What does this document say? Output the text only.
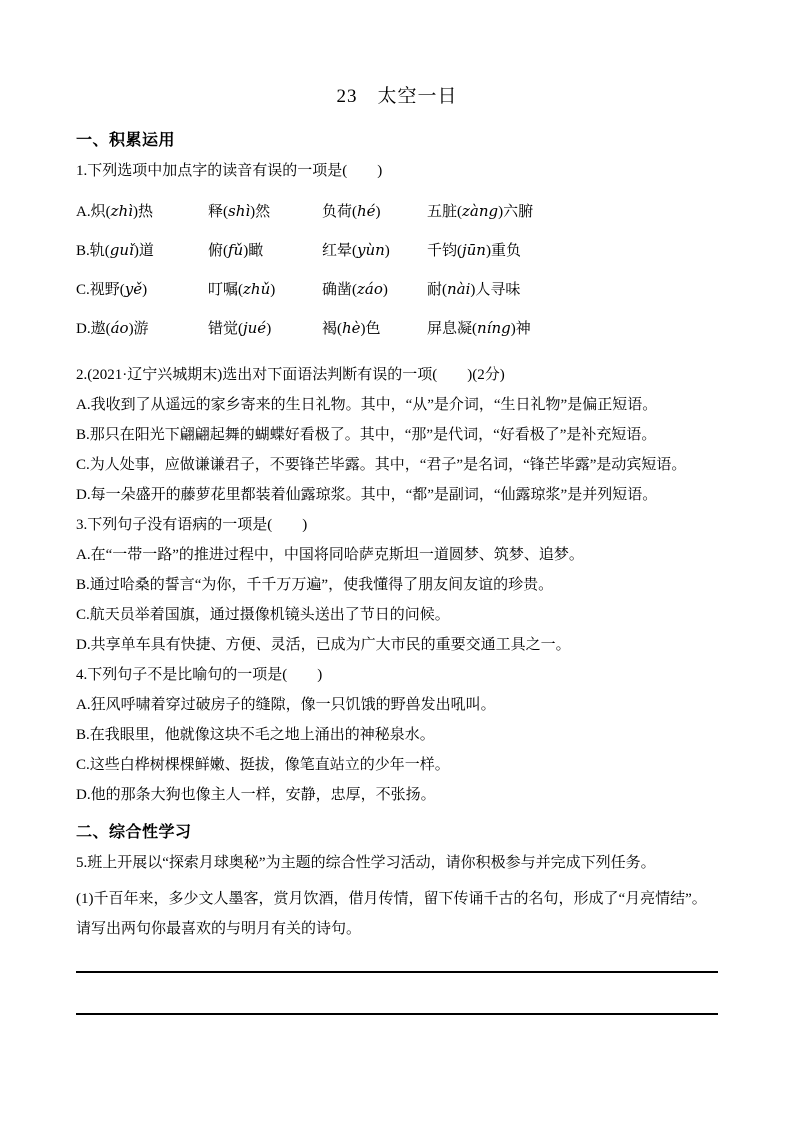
23　太空一日
一、积累运用

1.下列选项中加点字的读音有误的一项是(　　)

A.炽(zhì)热	释(shì)然	负荷(hé)	五脏(zàng)六腑
B.轨(guǐ)道	俯(fǔ)瞰	红晕(yùn)	千钧(jūn)重负
C.视野(yě)	叮嘱(zhǔ)	确凿(záo)	耐(nài)人寻味
D.遨(áo)游	错觉(jué)	褐(hè)色	屏息凝(níng)神

2.(2021·辽宁兴城期末)选出对下面语法判断有误的一项(　　)(2分)

A.我收到了从遥远的家乡寄来的生日礼物。其中，“从”是介词，“生日礼物”是偏正短语。

B.那只在阳光下翩翩起舞的蝴蝶好看极了。其中，“那”是代词，“好看极了”是补充短语。

C.为人处事，应做谦谦君子，不要锋芒毕露。其中，“君子”是名词，“锋芒毕露”是动宾短语。

D.每一朵盛开的藤萝花里都装着仙露琼浆。其中，“都”是副词，“仙露琼浆”是并列短语。

3.下列句子没有语病的一项是(　　)

A.在“一带一路”的推进过程中，中国将同哈萨克斯坦一道圆梦、筑梦、追梦。

B.通过哈桑的誓言“为你，千千万万遍”，使我懂得了朋友间友谊的珍贵。

C.航天员举着国旗，通过摄像机镜头送出了节日的问候。

D.共享单车具有快捷、方便、灵活，已成为广大市民的重要交通工具之一。

4.下列句子不是比喻句的一项是(　　)

A.狂风呼啸着穿过破房子的缝隙，像一只饥饿的野兽发出吼叫。

B.在我眼里，他就像这块不毛之地上涌出的神秘泉水。

C.这些白桦树棵棵鲜嫩、挺拔，像笔直站立的少年一样。

D.他的那条大狗也像主人一样，安静，忠厚，不张扬。

二、综合性学习

5.班上开展以“探索月球奥秘”为主题的综合性学习活动，请你积极参与并完成下列任务。

(1)千百年来，多少文人墨客，赏月饮酒，借月传情，留下传诵千古的名句，形成了“月亮情结”。

请写出两句你最喜欢的与明月有关的诗句。
